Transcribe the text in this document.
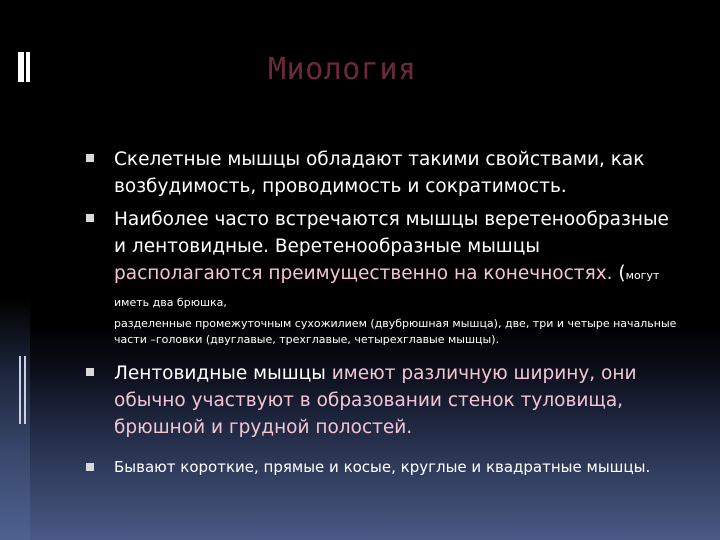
Миология
Скелетные мышцы обладают такими свойствами, как возбудимость, проводимость и сократимость.
Наиболее часто встречаются мышцы веретенообразные и лентовидные. Веретенообразные мышцы располагаются преимущественно на конечностях. (могут иметь два брюшка,
разделенные промежуточным сухожилием (двубрюшная мышца), две, три и четыре начальные части –головки (двуглавые, трехглавые, четырехглавые мышцы).
Лентовидные мышцы имеют различную ширину, они обычно участвуют в образовании стенок туловища, брюшной и грудной полостей.
Бывают короткие, прямые и косые, круглые и квадратные мышцы.
